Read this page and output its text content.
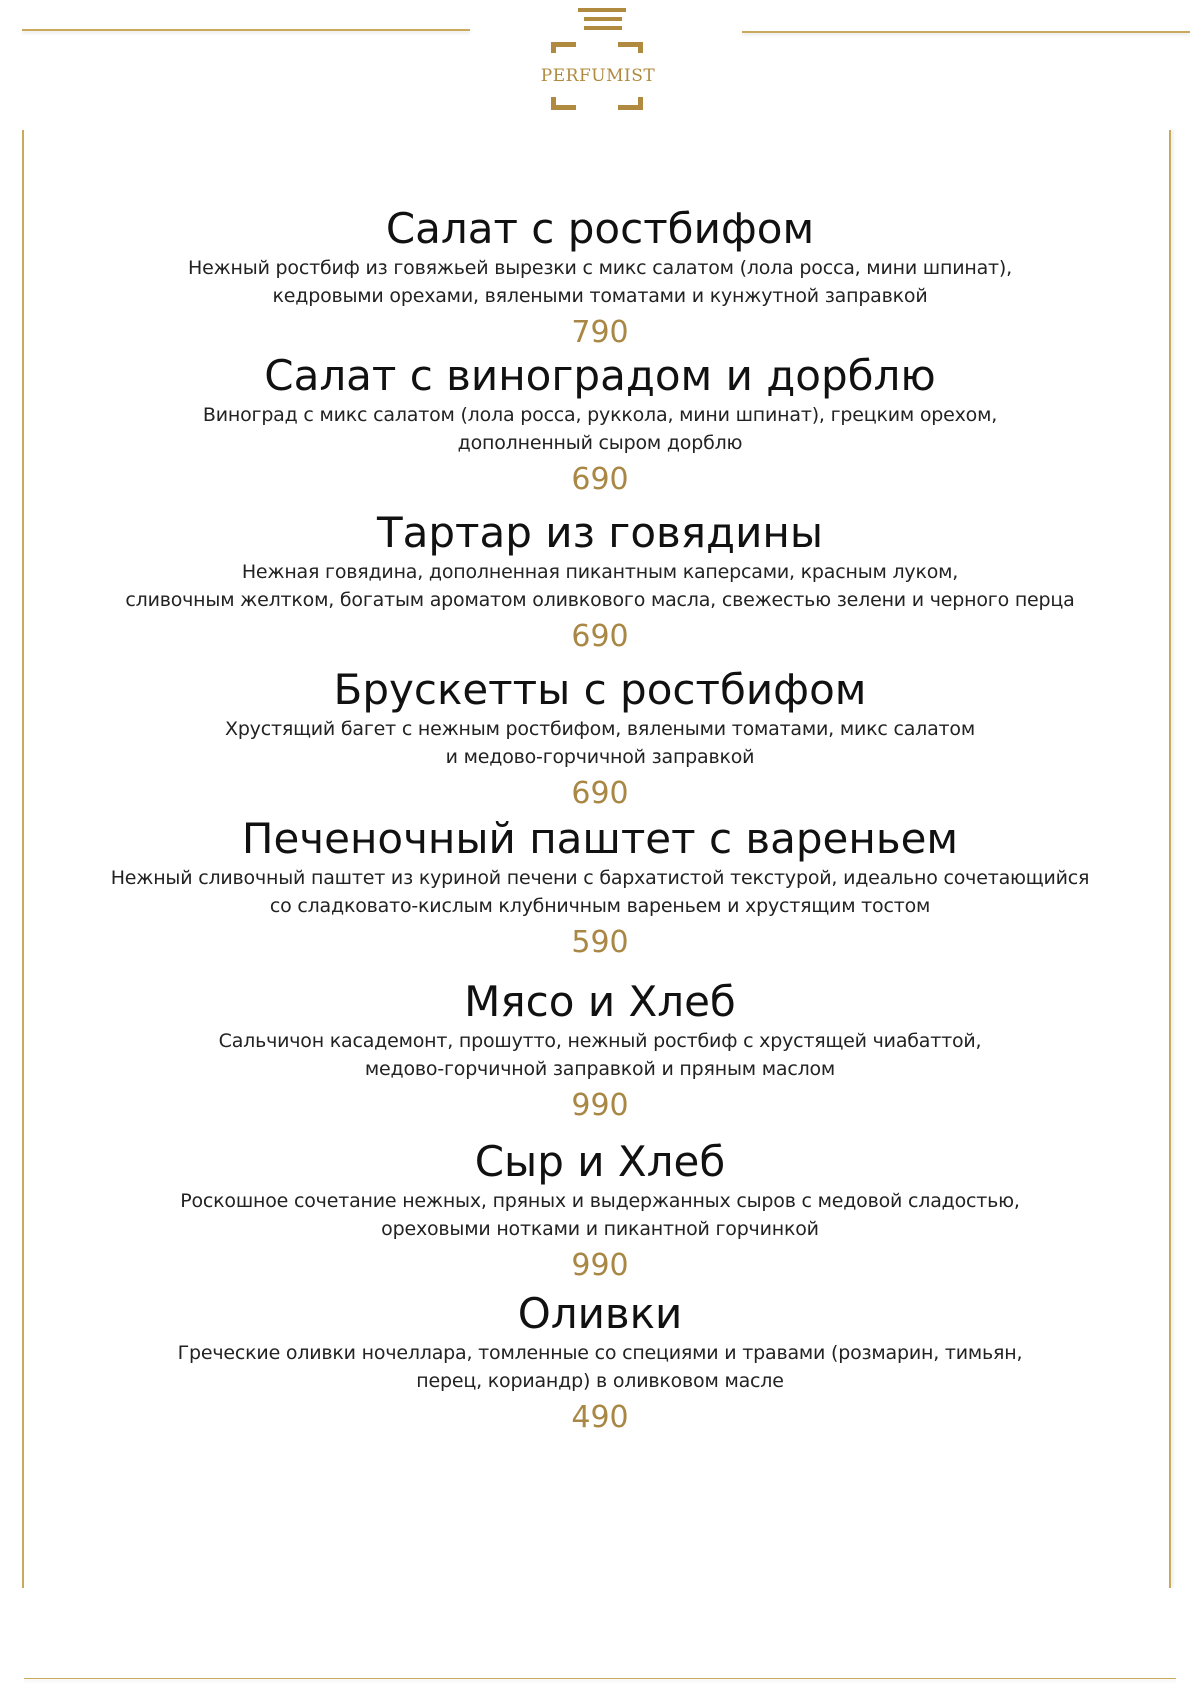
PERFUMIST
Салат с ростбифом
Нежный ростбиф из говяжьей вырезки с микс салатом (лола росса, мини шпинат),
кедровыми орехами, вялеными томатами и кунжутной заправкой
790
Салат с виноградом и дорблю
Виноград с микс салатом (лола росса, руккола, мини шпинат), грецким орехом,
дополненный сыром дорблю
690
Тартар из говядины
Нежная говядина, дополненная пикантным каперсами, красным луком,
сливочным желтком, богатым ароматом оливкового масла, свежестью зелени и черного перца
690
Брускетты с ростбифом
Хрустящий багет с нежным ростбифом, вялеными томатами, микс салатом
и медово-горчичной заправкой
690
Печеночный паштет с вареньем
Нежный сливочный паштет из куриной печени с бархатистой текстурой, идеально сочетающийся
со сладковато-кислым клубничным вареньем и хрустящим тостом
590
Мясо и Хлеб
Сальчичон касадемонт, прошутто, нежный ростбиф с хрустящей чиабаттой,
медово-горчичной заправкой и пряным маслом
990
Сыр и Хлеб
Роскошное сочетание нежных, пряных и выдержанных сыров с медовой сладостью,
ореховыми нотками и пикантной горчинкой
990
Оливки
Греческие оливки ночеллара, томленные со специями и травами (розмарин, тимьян,
перец, кориандр) в оливковом масле
490
